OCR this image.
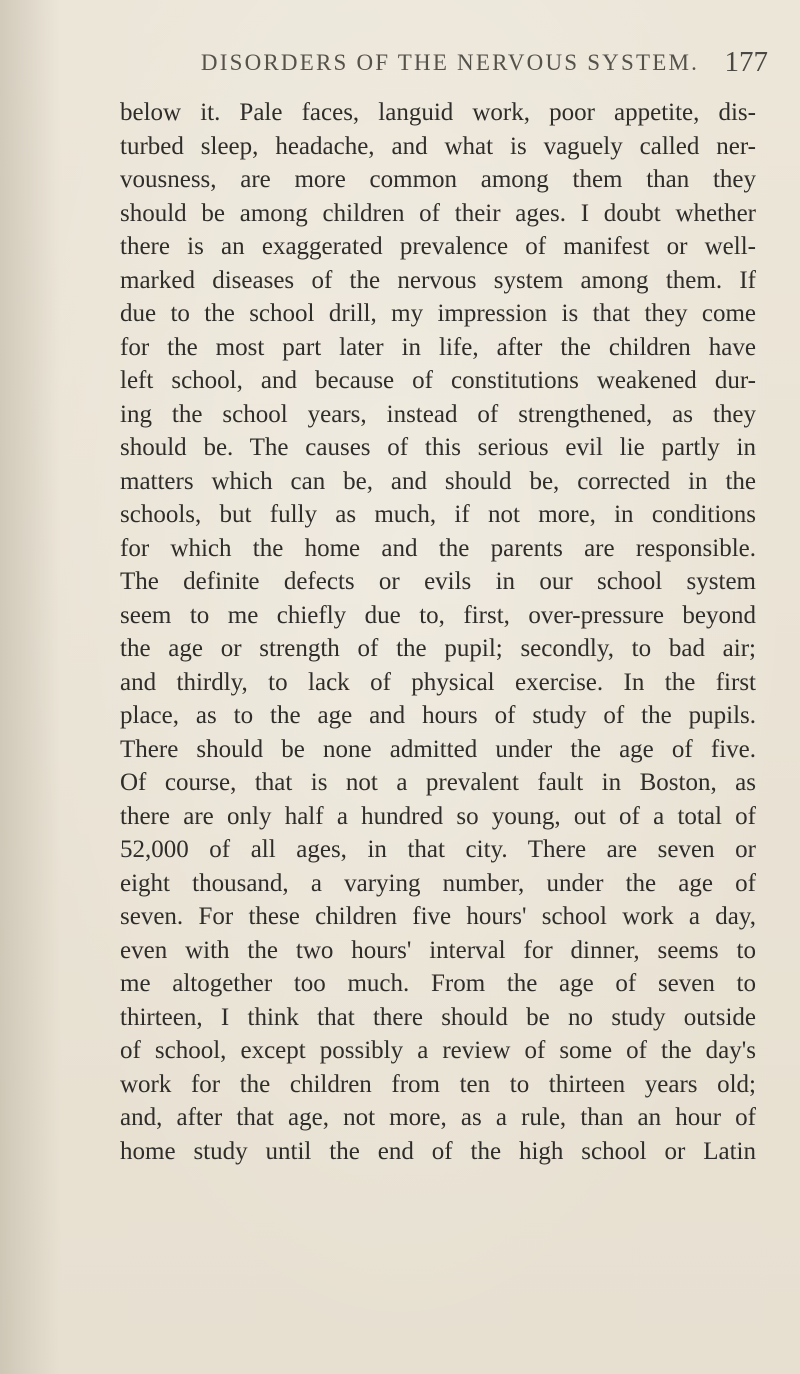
DISORDERS OF THE NERVOUS SYSTEM. 177
below it. Pale faces, languid work, poor appetite, dis-
turbed sleep, headache, and what is vaguely called ner-
vousness, are more common among them than they
should be among children of their ages. I doubt whether
there is an exaggerated prevalence of manifest or well-
marked diseases of the nervous system among them. If
due to the school drill, my impression is that they come
for the most part later in life, after the children have
left school, and because of constitutions weakened dur-
ing the school years, instead of strengthened, as they
should be. The causes of this serious evil lie partly in
matters which can be, and should be, corrected in the
schools, but fully as much, if not more, in conditions
for which the home and the parents are responsible.
The definite defects or evils in our school system
seem to me chiefly due to, first, over-pressure beyond
the age or strength of the pupil; secondly, to bad air;
and thirdly, to lack of physical exercise. In the first
place, as to the age and hours of study of the pupils.
There should be none admitted under the age of five.
Of course, that is not a prevalent fault in Boston, as
there are only half a hundred so young, out of a total of
52,000 of all ages, in that city. There are seven or
eight thousand, a varying number, under the age of
seven. For these children five hours' school work a day,
even with the two hours' interval for dinner, seems to
me altogether too much. From the age of seven to
thirteen, I think that there should be no study outside
of school, except possibly a review of some of the day's
work for the children from ten to thirteen years old;
and, after that age, not more, as a rule, than an hour of
home study until the end of the high school or Latin
